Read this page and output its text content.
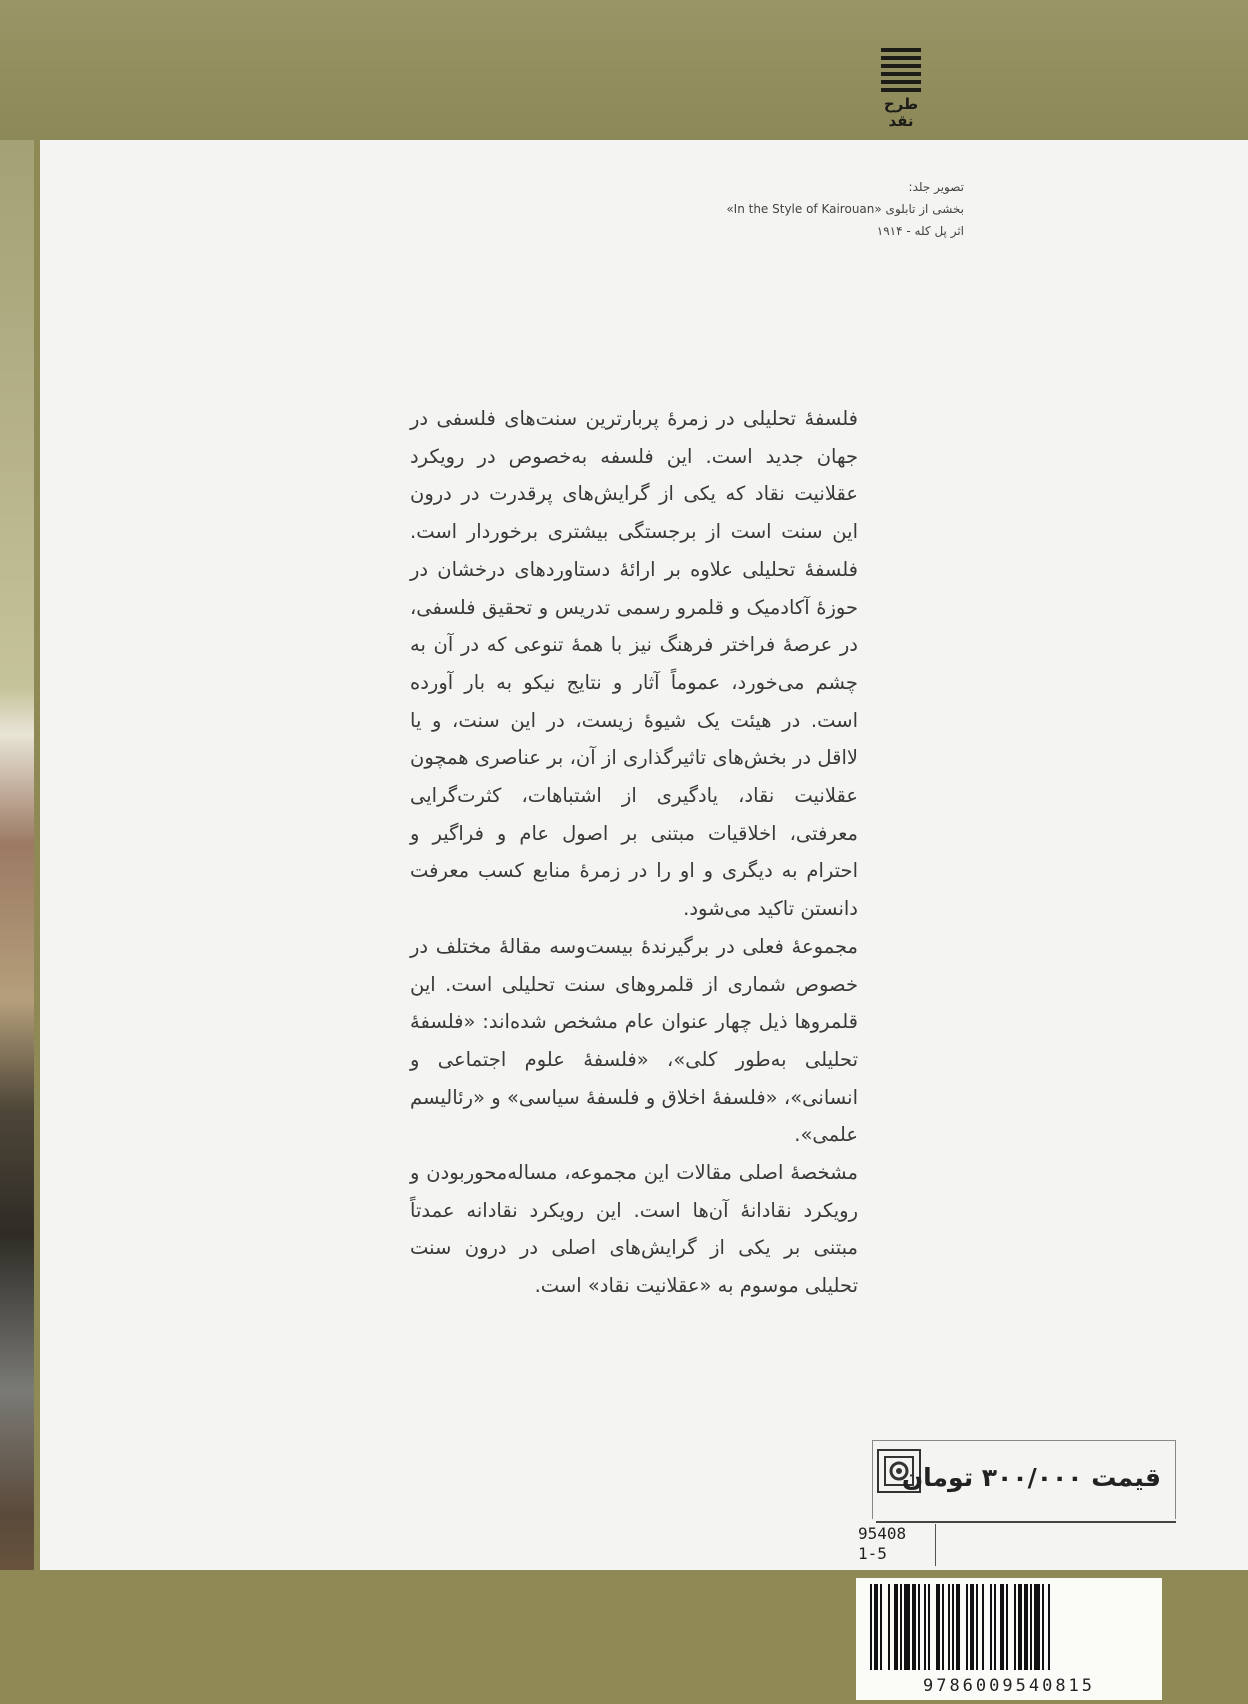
طرح
نقد
تصویر جلد:
بخشی از تابلوی «In the Style of Kairouan»
اثر پل کله - ۱۹۱۴

فلسفهٔ تحلیلی در زمرهٔ پربارترین سنت‌های فلسفی در جهان جدید است. این فلسفه به‌خصوص در رویکرد عقلانیت نقاد که یکی از گرایش‌های پرقدرت در درون این سنت است از برجستگی بیشتری برخوردار است. فلسفهٔ تحلیلی علاوه بر ارائهٔ دستاوردهای درخشان در حوزهٔ آکادمیک و قلمرو رسمی تدریس و تحقیق فلسفی، در عرصهٔ فراختر فرهنگ نیز با همهٔ تنوعی که در آن به چشم می‌خورد، عموماً آثار و نتایج نیکو به بار آورده است. در هیئت یک شیوهٔ زیست، در این سنت، و یا لااقل در بخش‌های تاثیرگذاری از آن، بر عناصری همچون عقلانیت نقاد، یادگیری از اشتباهات، کثرت‌گرایی معرفتی، اخلاقیات مبتنی بر اصول عام و فراگیر و احترام به دیگری و او را در زمرهٔ منابع کسب معرفت دانستن تاکید می‌شود.

مجموعهٔ فعلی در برگیرندهٔ بیست‌وسه مقالهٔ مختلف در خصوص شماری از قلمروهای سنت تحلیلی است. این قلمروها ذیل چهار عنوان عام مشخص شده‌اند: «فلسفهٔ تحلیلی به‌طور کلی»، «فلسفهٔ علوم اجتماعی و انسانی»، «فلسفهٔ اخلاق و فلسفهٔ سیاسی» و «رئالیسم علمی».

مشخصهٔ اصلی مقالات این مجموعه، مساله‌محوربودن و رویکرد نقادانهٔ آن‌ها است. این رویکرد نقادانه عمدتاً مبتنی بر یکی از گرایش‌های اصلی در درون سنت تحلیلی موسوم به «عقلانیت نقاد» است.

قیمت ۳۰۰/۰۰۰ تومان
95408
1-5
9786009540815
